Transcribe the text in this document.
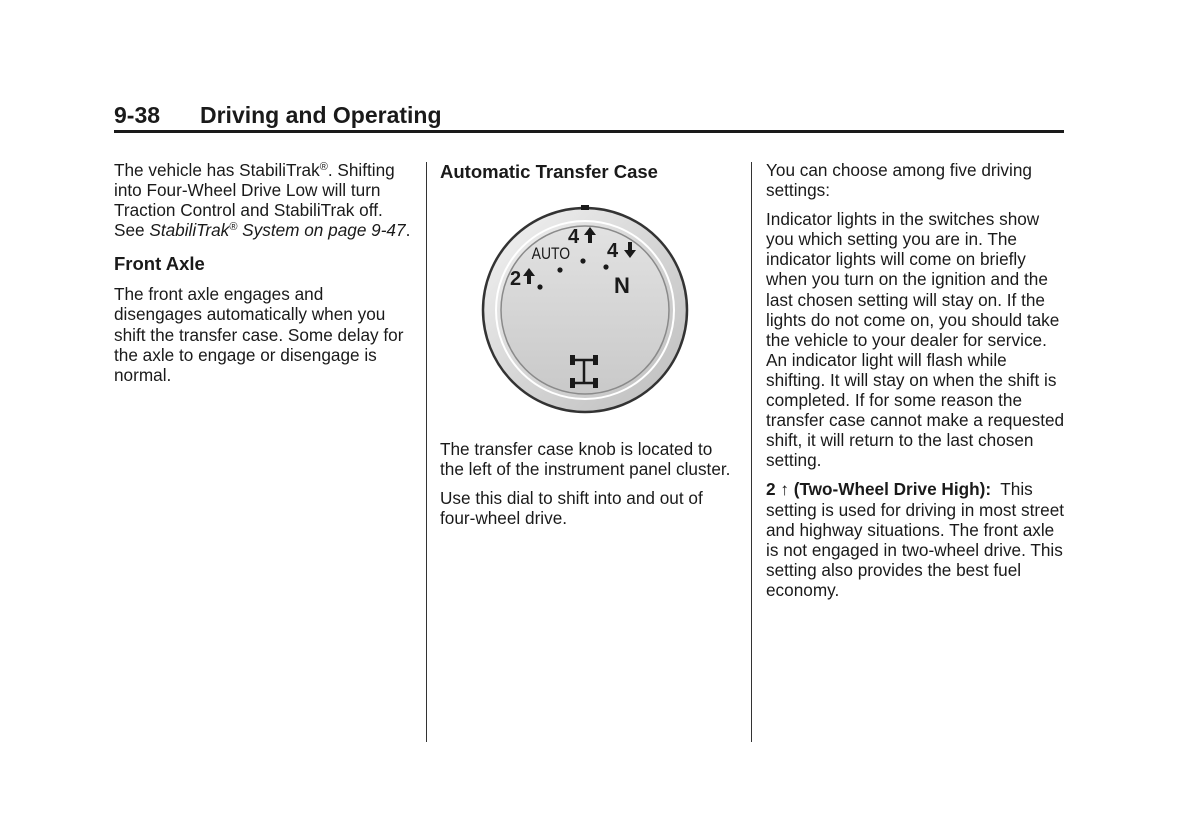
9-38 Driving and Operating

The vehicle has StabiliTrak®. Shifting into Four-Wheel Drive Low will turn Traction Control and StabiliTrak off. See StabiliTrak® System on page 9-47.

Front Axle

The front axle engages and disengages automatically when you shift the transfer case. Some delay for the axle to engage or disengage is normal.

Automatic Transfer Case
AUTO
4
4
2	N

The transfer case knob is located to the left of the instrument panel cluster.

Use this dial to shift into and out of four-wheel drive.

You can choose among five driving settings:

Indicator lights in the switches show you which setting you are in. The indicator lights will come on briefly when you turn on the ignition and the last chosen setting will stay on. If the lights do not come on, you should take the vehicle to your dealer for service. An indicator light will flash while shifting. It will stay on when the shift is completed. If for some reason the transfer case cannot make a requested shift, it will return to the last chosen setting.

2 ↑ (Two-Wheel Drive High): This setting is used for driving in most street and highway situations. The front axle is not engaged in two-wheel drive. This setting also provides the best fuel economy.
